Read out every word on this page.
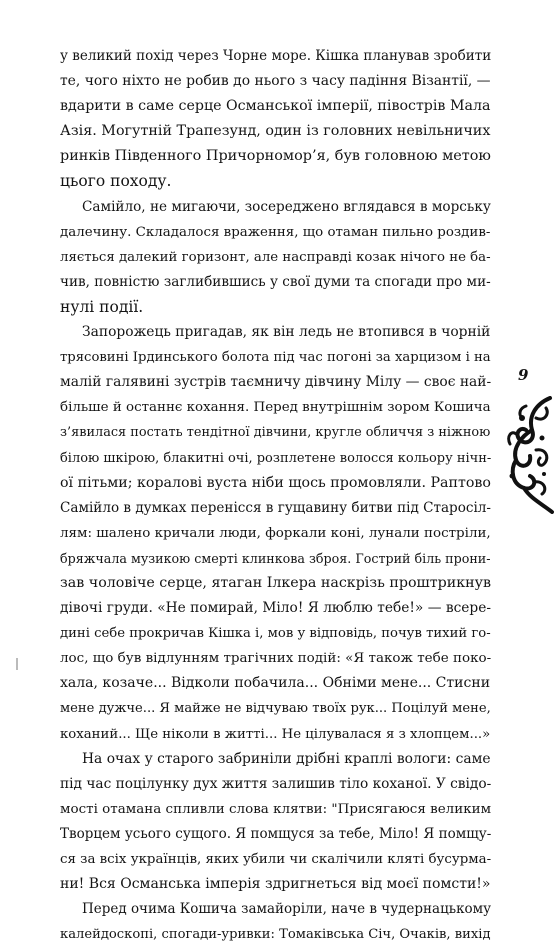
у великий похід через Чорне море. Кішка планував зробити
те, чого ніхто не робив до нього з часу падіння Візантії, —
вдарити в саме серце Османської імперії, півострів Мала
Азія. Могутній Трапезунд, один із головних невільничих
ринків Південного Причорномор’я, був головною метою
цього походу.
Самійло, не мигаючи, зосереджено вглядався в морську
далечину. Складалося враження, що отаман пильно роздив-
ляється далекий горизонт, але насправді козак нічого не ба-
чив, повністю заглибившись у свої думи та спогади про ми-
нулі події.
Запорожець пригадав, як він ледь не втопився в чорній
трясовині Ірдинського болота під час погоні за харцизом і на
малій галявині зустрів таємничу дівчину Мілу — своє най-
більше й останнє кохання. Перед внутрішнім зором Кошича
з’явилася постать тендітної дівчини, кругле обличчя з ніжною
білою шкірою, блакитні очі, розплетене волосся кольору нічн-
ої пітьми; коралові вуста ніби щось промовляли. Раптово
Самійло в думках перенісся в гущавину битви під Старосіл-
лям: шалено кричали люди, форкали коні, лунали постріли,
бряжчала музикою смерті клинкова зброя. Гострий біль прони-
зав чоловіче серце, ятаган Ілкера наскрізь проштрикнув
дівочі груди. «Не помирай, Міло! Я люблю тебе!» — всере-
дині себе прокричав Кішка і, мов у відповідь, почув тихий го-
лос, що був відлунням трагічних подій: «Я також тебе поко-
хала, козаче... Відколи побачила... Обніми мене... Стисни
мене дужче... Я майже не відчуваю твоїх рук... Поцілуй мене,
коханий... Ще ніколи в житті... Не цілувалася я з хлопцем...»
На очах у старого забриніли дрібні краплі вологи: саме
під час поцілунку дух життя залишив тіло коханої. У свідо-
мості отамана спливли слова клятви: "Присягаюся великим
Творцем усього сущого. Я помщуся за тебе, Міло! Я помщу-
ся за всіх українців, яких убили чи скалічили кляті бусурма-
ни! Вся Османська імперія здригнеться від моєї помсти!»
Перед очима Кошича замайоріли, наче в чудернацькому
калейдоскопі, спогади-уривки: Томаківська Січ, Очаків, вихід
9
